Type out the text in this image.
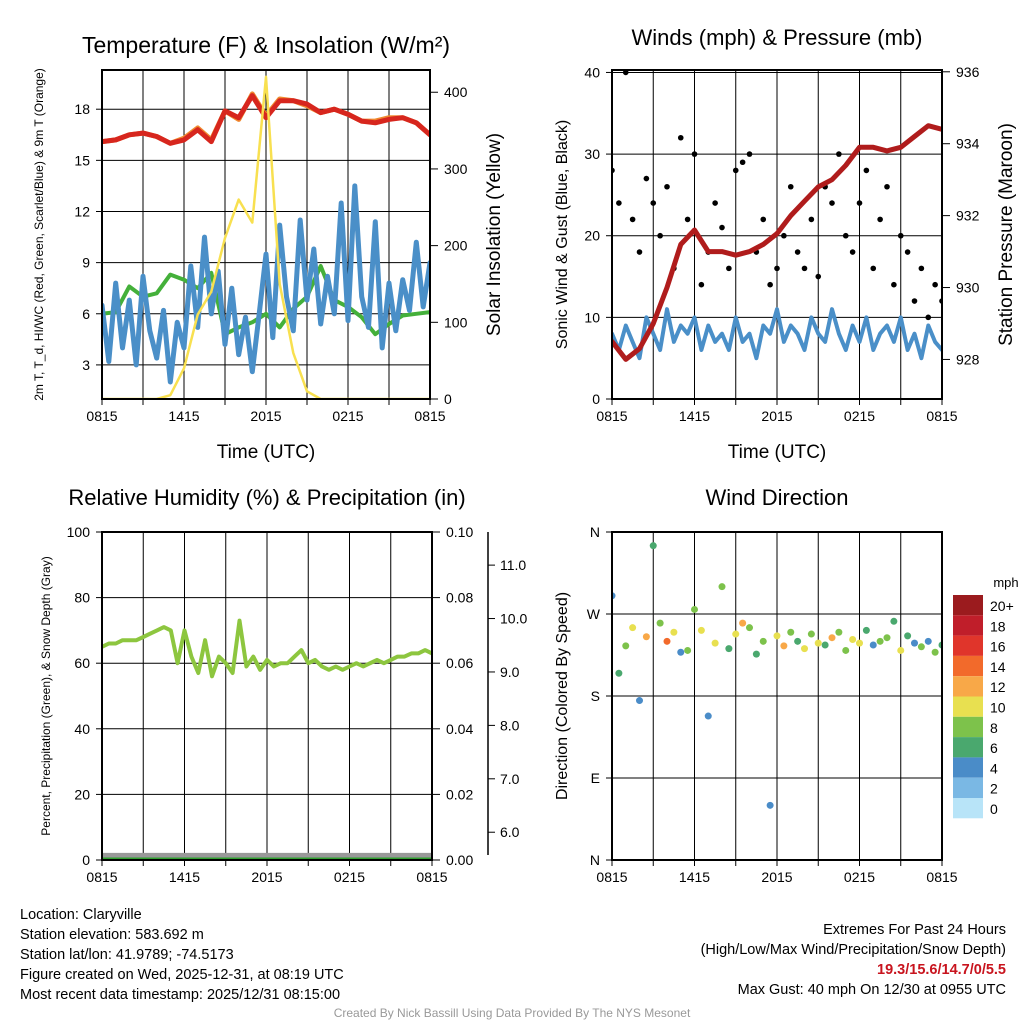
0815	1415	2015	0215	0815
3
6
9
12
15
18
0
100
200
300
400
Temperature (F) & Insolation (W/m²)
Time (UTC)
2m T, T_d, HI/WC (Red, Green, Scarlet/Blue) & 9m T (Orange)	Solar Insolation (Yellow)
0815	1415	2015	0215	0815
0
10
20
30
40
928
930
932
934
936
Winds (mph) & Pressure (mb)
Time (UTC)
Sonic Wind & Gust (Blue, Black)	Station Pressure (Maroon)
0815	1415	2015	0215	0815
0
20
40
60
80
100
0.00
0.02
0.04
0.06
0.08
0.10
6.0
7.0
8.0
9.0
10.0
11.0
Relative Humidity (%) & Precipitation (in)
Percent, Precipitation (Green), & Snow Depth (Gray)
0815	1415	2015	0215	0815
N
E
S
W
N
mph
20+
18
16
14
12
10
8
6
4
2
0
Wind Direction
Direction (Colored By Speed)
Location: Claryville
Station elevation: 583.692 m
Station lat/lon: 41.9789; -74.5173
Figure created on Wed, 2025-12-31, at 08:19 UTC
Most recent data timestamp: 2025/12/31 08:15:00
Extremes For Past 24 Hours
(High/Low/Max Wind/Precipitation/Snow Depth)
19.3/15.6/14.7/0/5.5
Max Gust: 40 mph On 12/30 at 0955 UTC
Created By Nick Bassill Using Data Provided By The NYS Mesonet
